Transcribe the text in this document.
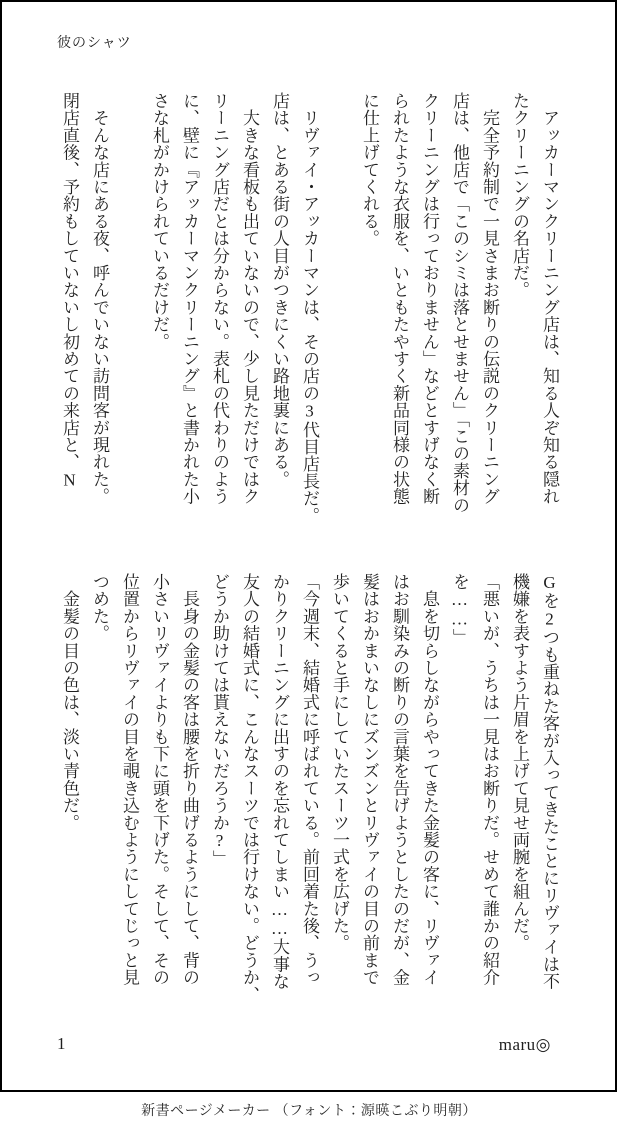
彼のシャツ
　アッカーマンクリーニング店は、知る人ぞ知る隠れ
たクリーニングの名店だ。
　完全予約制で一見さまお断りの伝説のクリーニング
店は、他店で「このシミは落とせません」「この素材の
クリーニングは行っておりません」などとすげなく断
られたような衣服を、いともたやすく新品同様の状態
に仕上げてくれる。
　リヴァイ・アッカーマンは、その店の3代目店長だ。
店は、とある街の人目がつきにくい路地裏にある。
　大きな看板も出ていないので、少し見ただけではク
リーニング店だとは分からない。表札の代わりのよう
に、壁に『アッカーマンクリーニング』と書かれた小
さな札がかけられているだけだ。
　そんな店にある夜、呼んでいない訪問客が現れた。
閉店直後、予約もしていないし初めての来店と、N
Gを2つも重ねた客が入ってきたことにリヴァイは不
機嫌を表すよう片眉を上げて見せ両腕を組んだ。
「悪いが、うちは一見はお断りだ。せめて誰かの紹介
を……」
　息を切らしながらやってきた金髪の客に、リヴァイ
はお馴染みの断りの言葉を告げようとしたのだが、金
髪はおかまいなしにズンズンとリヴァイの目の前まで
歩いてくると手にしていたスーツ一式を広げた。
「今週末、結婚式に呼ばれている。前回着た後、うっ
かりクリーニングに出すのを忘れてしまい……大事な
友人の結婚式に、こんなスーツでは行けない。どうか、
どうか助けては貰えないだろうか?」
　長身の金髪の客は腰を折り曲げるようにして、背の
小さいリヴァイよりも下に頭を下げた。そして、その
位置からリヴァイの目を覗き込むようにしてじっと見
つめた。
　金髪の目の色は、淡い青色だ。
1	maru◎
新書ページメーカー （フォント：源暎こぶり明朝）
